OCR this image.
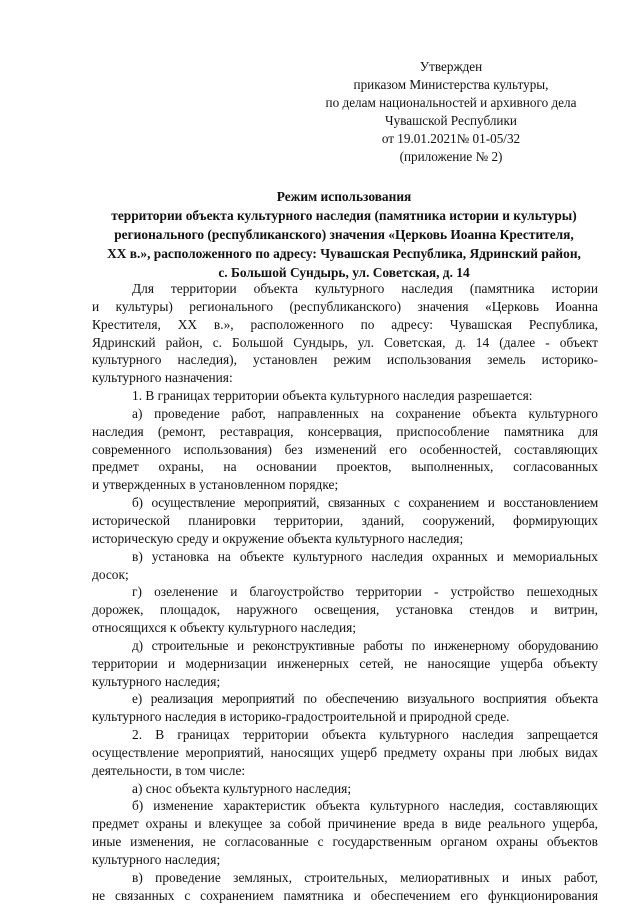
Утвержден
приказом Министерства культуры,
по делам национальностей и архивного дела
Чувашской Республики
от 19.01.2021№ 01-05/32
(приложение № 2)
Режим использования
территории объекта культурного наследия (памятника истории и культуры)
регионального (республиканского) значения «Церковь Иоанна Крестителя,
XX в.», расположенного по адресу: Чувашская Республика, Ядринский район,
с. Большой Сундырь, ул. Советская, д. 14
Для территории объекта культурного наследия (памятника истории
и культуры) регионального (республиканского) значения «Церковь Иоанна
Крестителя, XX в.», расположенного по адресу: Чувашская Республика,
Ядринский район, с. Большой Сундырь, ул. Советская, д. 14 (далее - объект
культурного наследия), установлен режим использования земель историко-
культурного назначения:
1. В границах территории объекта культурного наследия разрешается:
а) проведение работ, направленных на сохранение объекта культурного
наследия (ремонт, реставрация, консервация, приспособление памятника для
современного использования) без изменений его особенностей, составляющих
предмет охраны, на основании проектов, выполненных, согласованных
и утвержденных в установленном порядке;
б) осуществление мероприятий, связанных с сохранением и восстановлением
исторической планировки территории, зданий, сооружений, формирующих
историческую среду и окружение объекта культурного наследия;
в) установка на объекте культурного наследия охранных и мемориальных
досок;
г) озеленение и благоустройство территории - устройство пешеходных
дорожек, площадок, наружного освещения, установка стендов и витрин,
относящихся к объекту культурного наследия;
д) строительные и реконструктивные работы по инженерному оборудованию
территории и модернизации инженерных сетей, не наносящие ущерба объекту
культурного наследия;
е) реализация мероприятий по обеспечению визуального восприятия объекта
культурного наследия в историко-градостроительной и природной среде.
2. В границах территории объекта культурного наследия запрещается
осуществление мероприятий, наносящих ущерб предмету охраны при любых видах
деятельности, в том числе:
а) снос объекта культурного наследия;
б) изменение характеристик объекта культурного наследия, составляющих
предмет охраны и влекущее за собой причинение вреда в виде реального ущерба,
иные изменения, не согласованные с государственным органом охраны объектов
культурного наследия;
в) проведение земляных, строительных, мелиоративных и иных работ,
не связанных с сохранением памятника и обеспечением его функционирования
